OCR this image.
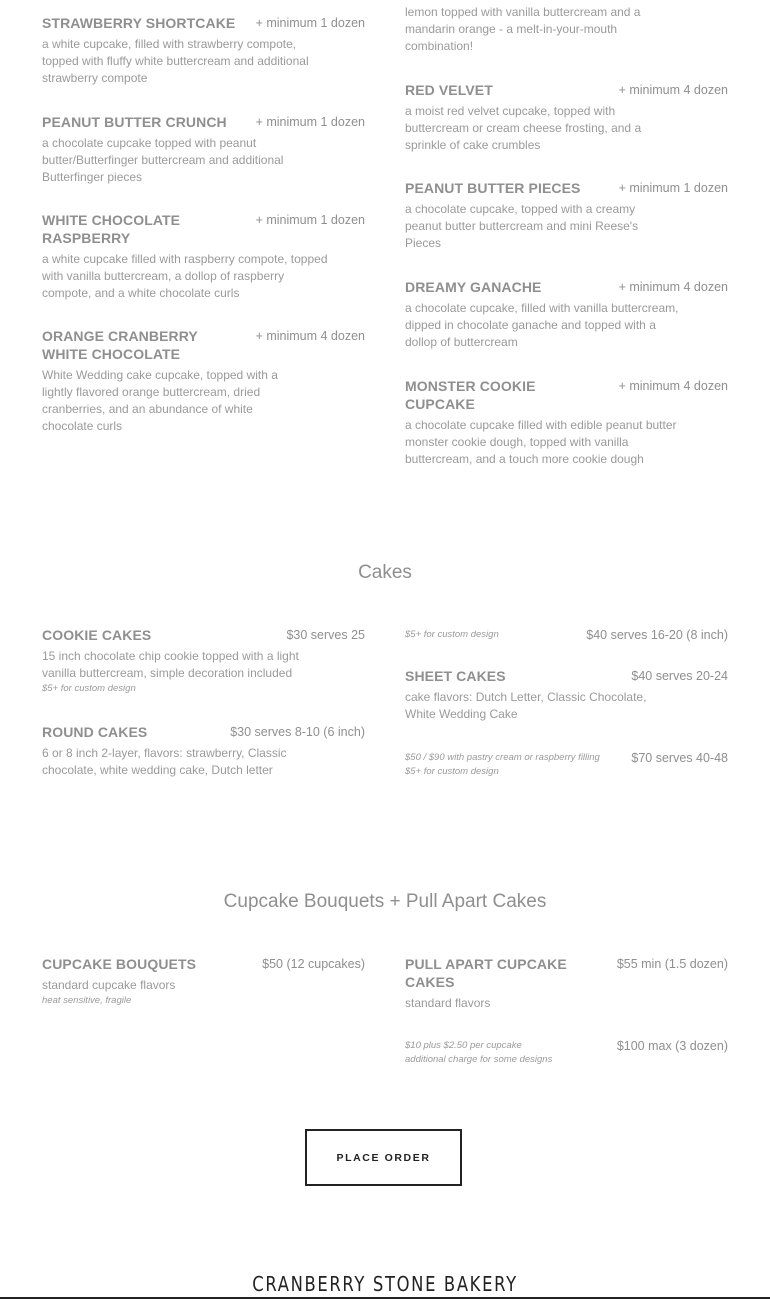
STRAWBERRY SHORTCAKE + minimum 1 dozen
a white cupcake, filled with strawberry compote, topped with fluffy white buttercream and additional strawberry compote
PEANUT BUTTER CRUNCH + minimum 1 dozen
a chocolate cupcake topped with peanut butter/Butterfinger buttercream and additional Butterfinger pieces
WHITE CHOCOLATE RASPBERRY
+ minimum 1 dozen
a white cupcake filled with raspberry compote, topped with vanilla buttercream, a dollop of raspberry compote, and a white chocolate curls
ORANGE CRANBERRY WHITE CHOCOLATE
+ minimum 4 dozen
White Wedding cake cupcake, topped with a lightly flavored orange buttercream, dried cranberries, and an abundance of white chocolate curls
lemon topped with vanilla buttercream and a mandarin orange - a melt-in-your-mouth combination!
RED VELVET	+ minimum 4 dozen
a moist red velvet cupcake, topped with buttercream or cream cheese frosting, and a sprinkle of cake crumbles
PEANUT BUTTER PIECES	+ minimum 1 dozen
a chocolate cupcake, topped with a creamy peanut butter buttercream and mini Reese's Pieces
DREAMY GANACHE	+ minimum 4 dozen
a chocolate cupcake, filled with vanilla buttercream, dipped in chocolate ganache and topped with a dollop of buttercream
MONSTER COOKIE CUPCAKE
+ minimum 4 dozen
a chocolate cupcake filled with edible peanut butter monster cookie dough, topped with vanilla buttercream, and a touch more cookie dough
Cakes
COOKIE CAKES	$30 serves 25
15 inch chocolate chip cookie topped with a light vanilla buttercream, simple decoration included
$5+ for custom design
ROUND CAKES	$30 serves 8-10 (6 inch)
6 or 8 inch 2-layer, flavors: strawberry, Classic chocolate, white wedding cake, Dutch letter
$5+ for custom design	$40 serves 16-20 (8 inch)
SHEET CAKES	$40 serves 20-24
cake flavors: Dutch Letter, Classic Chocolate, White Wedding Cake
$50 / $90 with pastry cream or raspberry filling
$5+ for custom design
$70 serves 40-48
Cupcake Bouquets + Pull Apart Cakes
CUPCAKE BOUQUETS	$50 (12 cupcakes)
standard cupcake flavors
heat sensitive, fragile
PULL APART CUPCAKE CAKES
$55 min (1.5 dozen)
standard flavors
$10 plus $2.50 per cupcake
additional charge for some designs
$100 max (3 dozen)
PLACE ORDER
CRANBERRY STONE BAKERY
